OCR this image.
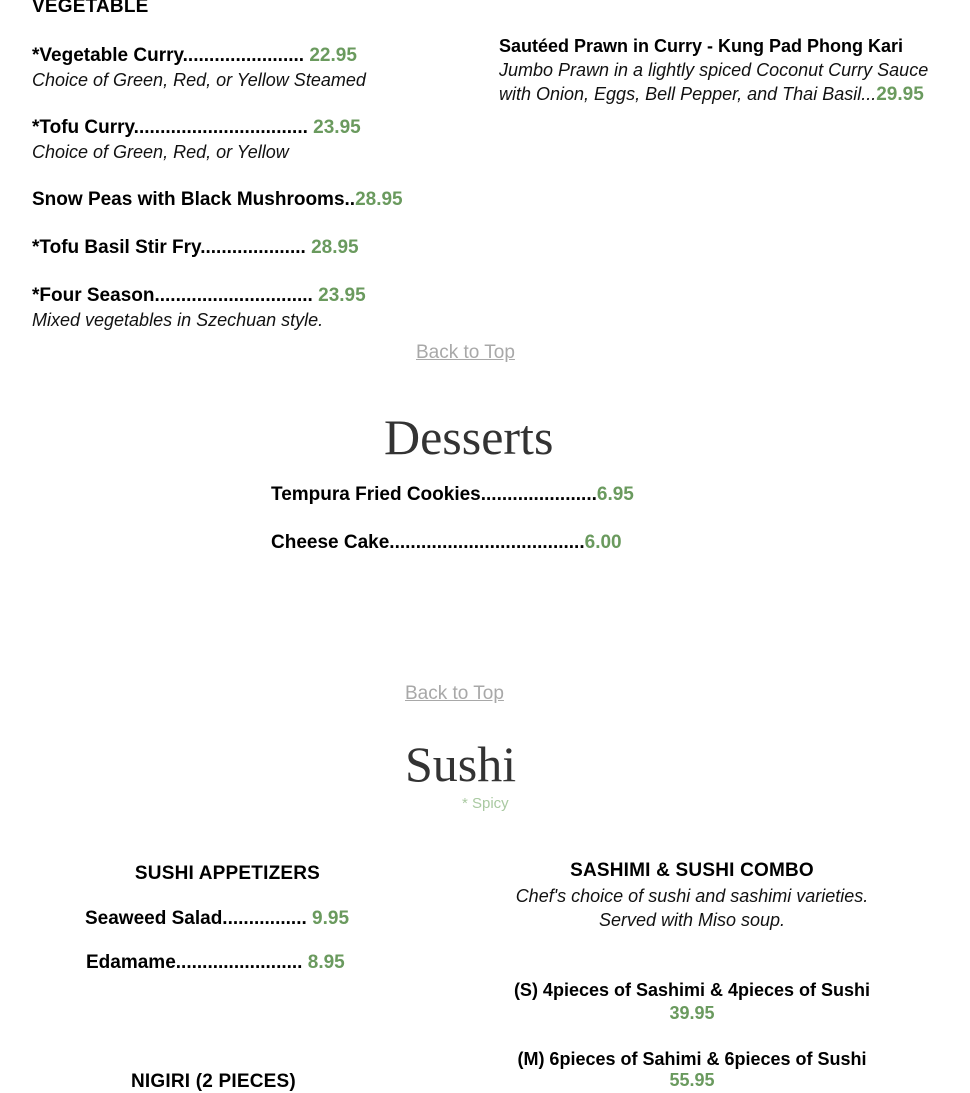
VEGETABLE
*Vegetable Curry....................... 22.95
Choice of Green, Red, or Yellow Steamed
*Tofu Curry................................. 23.95
Choice of Green, Red, or Yellow
Snow Peas with Black Mushrooms..28.95
*Tofu Basil Stir Fry.................... 28.95
*Four Season.............................. 23.95
Mixed vegetables in Szechuan style.
Sautéed Prawn in Curry - Kung Pad Phong Kari
Jumbo Prawn in a lightly spiced Coconut Curry Sauce
with Onion, Eggs, Bell Pepper, and Thai Basil...29.95
Back to Top
Desserts
Tempura Fried Cookies......................6.95
Cheese Cake.....................................6.00
Back to Top
Sushi
* Spicy
SUSHI APPETIZERS
Seaweed Salad................ 9.95
Edamame........................ 8.95
NIGIRI (2 PIECES)
SASHIMI & SUSHI COMBO
Chef's choice of sushi and sashimi varieties.
Served with Miso soup.
(S) 4pieces of Sashimi & 4pieces of Sushi
39.95
(M) 6pieces of Sahimi & 6pieces of Sushi
55.95
